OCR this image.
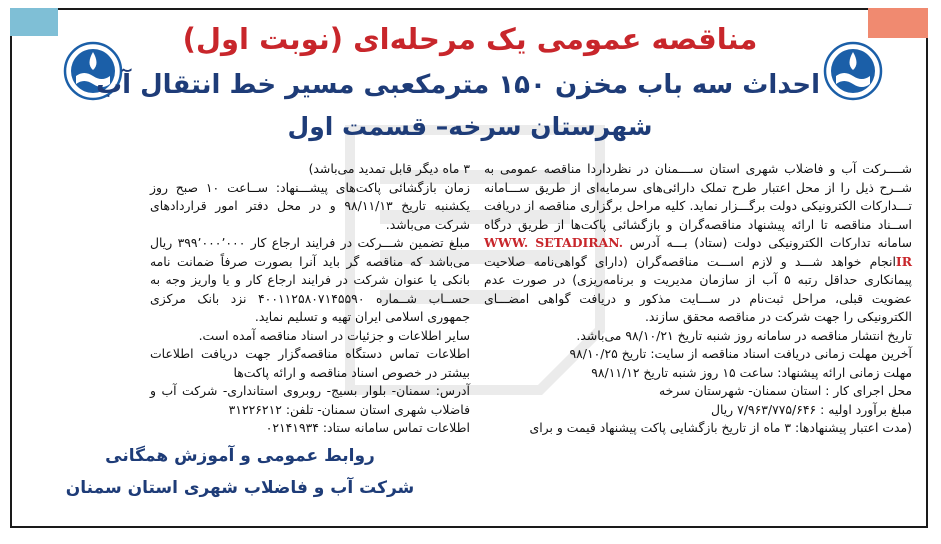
مناقصه عمومی یک مرحله‌ای (نوبت اول)
احداث سه باب مخزن ۱۵۰ مترمکعبی مسیر خط انتقال آب
شهرستان سرخه– قسمت اول

شــــرکت آب و فاضلاب شهری استان ســــمنان در نظرداردا مناقصه عمومی به شــرح ذیل را از محل اعتبار طرح تملک دارائی‌های سرمایه‌ای از طریق ســـامانه تـــدارکات الکترونیکی دولت برگـــزار نماید. کلیه مراحل برگزاری مناقصه از دریافت اســناد مناقصه تا ارائه پیشنهاد مناقصه‌گران و بازگشائی پاکت‌ها از طریق درگاه سامانه تدارکات الکترونیکی دولت (ستاد) بـــه آدرس WWW. SETADIRAN. IRانجام خواهد شـــد و لازم اســـت مناقصه‌گران (دارای گواهی‌نامه صلاحیت پیمانکاری حداقل رتبه ۵ آب از سازمان مدیریت و برنامه‌ریزی) در صورت عدم عضویت قبلی، مراحل ثبت‌نام در ســـایت مذکور و دریافت گواهی امضـــای الکترونیکی را جهت شرکت در مناقصه محقق سازند.

تاریخ انتشار مناقصه در سامانه روز شنبه تاریخ ۹۸/۱۰/۲۱ می‌باشد.

آخرین مهلت زمانی دریافت اسناد مناقصه از سایت: تاریخ ۹۸/۱۰/۲۵

مهلت زمانی ارائه پیشنهاد: ساعت ۱۵ روز شنبه تاریخ ۹۸/۱۱/۱۲

محل اجرای کار : استان سمنان- شهرستان سرخه

مبلغ برآورد اولیه : ۷/۹۶۳/۷۷۵/۶۴۶ ریال

(مدت اعتبار پیشنهادها: ۳ ماه از تاریخ بازگشایی پاکت پیشنهاد قیمت و برای

۳ ماه دیگر قابل تمدید می‌باشد)

زمان بازگشائی پاکت‌های پیشـــنهاد: ســاعت ۱۰ صبح روز یکشنبه تاریخ ۹۸/۱۱/۱۳ و در محل دفتر امور قراردادهای شرکت می‌باشد.

مبلغ تضمین شـــرکت در فرایند ارجاع کار ۳۹۹٬۰۰۰٬۰۰۰ ریال می‌باشد که مناقصه گر باید آنرا بصورت صرفاً ضمانت نامه بانکی یا عنوان شرکت در فرایند ارجاع کار و یا واریز وجه به حســاب شــماره ۴۰۰۱۱۲۵۸۰۷۱۴۵۵۹۰ نزد بانک مرکزی جمهوری اسلامی ایران تهیه و تسلیم نماید.

سایر اطلاعات و جزئیات در اسناد مناقصه آمده است.

اطلاعات تماس دستگاه مناقصه‌گزار جهت دریافت اطلاعات بیشتر در خصوص اسناد مناقصه و ارائه پاکت‌ها

آدرس: سمنان- بلوار بسیج- روبروی استانداری- شرکت آب و فاضلاب شهری استان سمنان- تلفن: ۳۱۲۲۶۲۱۲

اطلاعات تماس سامانه ستاد: ۰۲۱۴۱۹۳۴

روابط عمومی و آموزش همگانی
شرکت آب و فاضلاب شهری استان سمنان
